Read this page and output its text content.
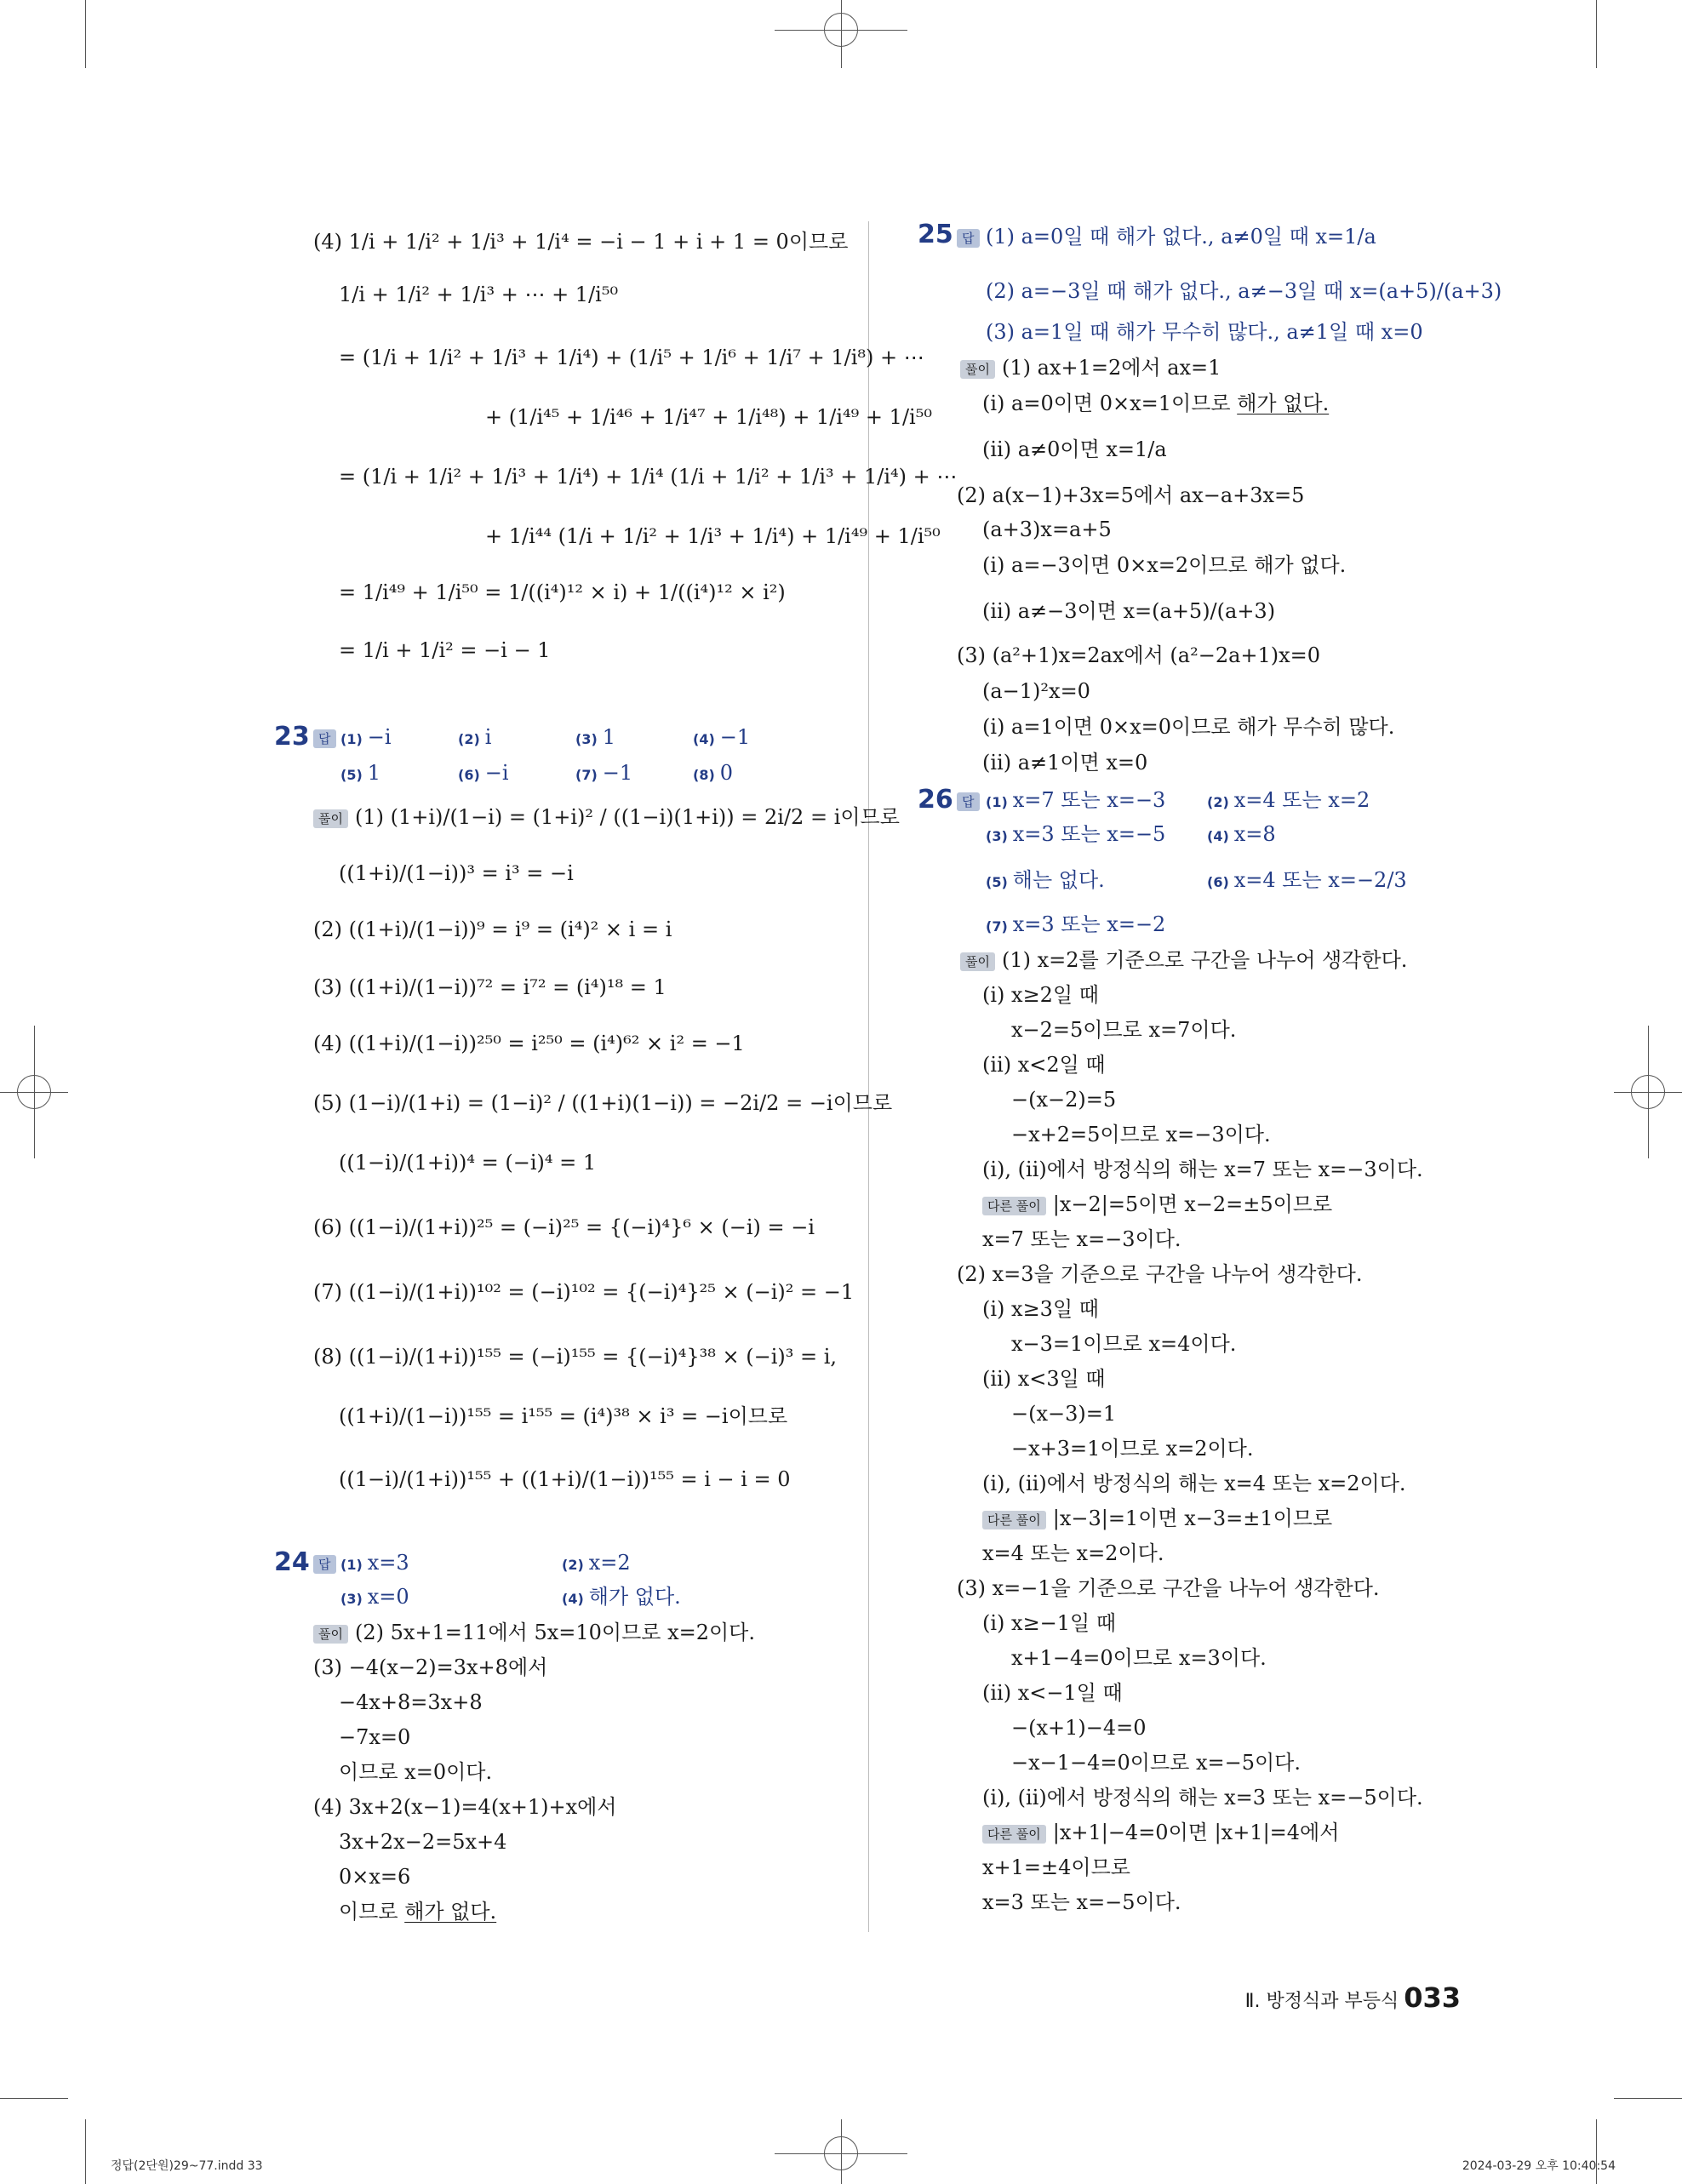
(4) 1/i + 1/i² + 1/i³ + 1/i⁴ = −i − 1 + i + 1 = 0이므로
1/i + 1/i² + 1/i³ + ⋯ + 1/i⁵⁰
= (1/i + 1/i² + 1/i³ + 1/i⁴) + (1/i⁵ + 1/i⁶ + 1/i⁷ + 1/i⁸) + ⋯
+ (1/i⁴⁵ + 1/i⁴⁶ + 1/i⁴⁷ + 1/i⁴⁸) + 1/i⁴⁹ + 1/i⁵⁰
= (1/i + 1/i² + 1/i³ + 1/i⁴) + 1/i⁴ (1/i + 1/i² + 1/i³ + 1/i⁴) + ⋯
+ 1/i⁴⁴ (1/i + 1/i² + 1/i³ + 1/i⁴) + 1/i⁴⁹ + 1/i⁵⁰
= 1/i⁴⁹ + 1/i⁵⁰ = 1/((i⁴)¹² × i) + 1/((i⁴)¹² × i²)
= 1/i + 1/i² = −i − 1
23 답 (1) −i	(2) i	(3) 1	(4) −1
(5) 1	(6) −i	(7) −1	(8) 0
풀이 (1) (1+i)/(1−i) = (1+i)² / ((1−i)(1+i)) = 2i/2 = i이므로
((1+i)/(1−i))³ = i³ = −i
(2) ((1+i)/(1−i))⁹ = i⁹ = (i⁴)² × i = i
(3) ((1+i)/(1−i))⁷² = i⁷² = (i⁴)¹⁸ = 1
(4) ((1+i)/(1−i))²⁵⁰ = i²⁵⁰ = (i⁴)⁶² × i² = −1
(5) (1−i)/(1+i) = (1−i)² / ((1+i)(1−i)) = −2i/2 = −i이므로
((1−i)/(1+i))⁴ = (−i)⁴ = 1
(6) ((1−i)/(1+i))²⁵ = (−i)²⁵ = {(−i)⁴}⁶ × (−i) = −i
(7) ((1−i)/(1+i))¹⁰² = (−i)¹⁰² = {(−i)⁴}²⁵ × (−i)² = −1
(8) ((1−i)/(1+i))¹⁵⁵ = (−i)¹⁵⁵ = {(−i)⁴}³⁸ × (−i)³ = i,
((1+i)/(1−i))¹⁵⁵ = i¹⁵⁵ = (i⁴)³⁸ × i³ = −i이므로
((1−i)/(1+i))¹⁵⁵ + ((1+i)/(1−i))¹⁵⁵ = i − i = 0
24 답 (1) x=3	(2) x=2
(3) x=0	(4) 해가 없다.
풀이 (2) 5x+1=11에서 5x=10이므로 x=2이다.
(3) −4(x−2)=3x+8에서
−4x+8=3x+8
−7x=0
이므로 x=0이다.
(4) 3x+2(x−1)=4(x+1)+x에서
3x+2x−2=5x+4
0×x=6
이므로 해가 없다.
25 답 (1) a=0일 때 해가 없다., a≠0일 때 x=1/a
(2) a=−3일 때 해가 없다., a≠−3일 때 x=(a+5)/(a+3)
(3) a=1일 때 해가 무수히 많다., a≠1일 때 x=0
풀이 (1) ax+1=2에서 ax=1
(ⅰ) a=0이면 0×x=1이므로 해가 없다.
(ⅱ) a≠0이면 x=1/a
(2) a(x−1)+3x=5에서 ax−a+3x=5
(a+3)x=a+5
(ⅰ) a=−3이면 0×x=2이므로 해가 없다.
(ⅱ) a≠−3이면 x=(a+5)/(a+3)
(3) (a²+1)x=2ax에서 (a²−2a+1)x=0
(a−1)²x=0
(ⅰ) a=1이면 0×x=0이므로 해가 무수히 많다.
(ⅱ) a≠1이면 x=0
26 답 (1) x=7 또는 x=−3	(2) x=4 또는 x=2
(3) x=3 또는 x=−5	(4) x=8
(5) 해는 없다.	(6) x=4 또는 x=−2/3
(7) x=3 또는 x=−2
풀이 (1) x=2를 기준으로 구간을 나누어 생각한다.
(ⅰ) x≥2일 때
x−2=5이므로 x=7이다.
(ⅱ) x<2일 때
−(x−2)=5
−x+2=5이므로 x=−3이다.
(ⅰ), (ⅱ)에서 방정식의 해는 x=7 또는 x=−3이다.
다른 풀이 |x−2|=5이면 x−2=±5이므로
x=7 또는 x=−3이다.
(2) x=3을 기준으로 구간을 나누어 생각한다.
(ⅰ) x≥3일 때
x−3=1이므로 x=4이다.
(ⅱ) x<3일 때
−(x−3)=1
−x+3=1이므로 x=2이다.
(ⅰ), (ⅱ)에서 방정식의 해는 x=4 또는 x=2이다.
다른 풀이 |x−3|=1이면 x−3=±1이므로
x=4 또는 x=2이다.
(3) x=−1을 기준으로 구간을 나누어 생각한다.
(ⅰ) x≥−1일 때
x+1−4=0이므로 x=3이다.
(ⅱ) x<−1일 때
−(x+1)−4=0
−x−1−4=0이므로 x=−5이다.
(ⅰ), (ⅱ)에서 방정식의 해는 x=3 또는 x=−5이다.
다른 풀이 |x+1|−4=0이면 |x+1|=4에서
x+1=±4이므로
x=3 또는 x=−5이다.
Ⅱ. 방정식과 부등식 033
정답(2단원)29~77.indd 33	2024-03-29 오후 10:40:54
